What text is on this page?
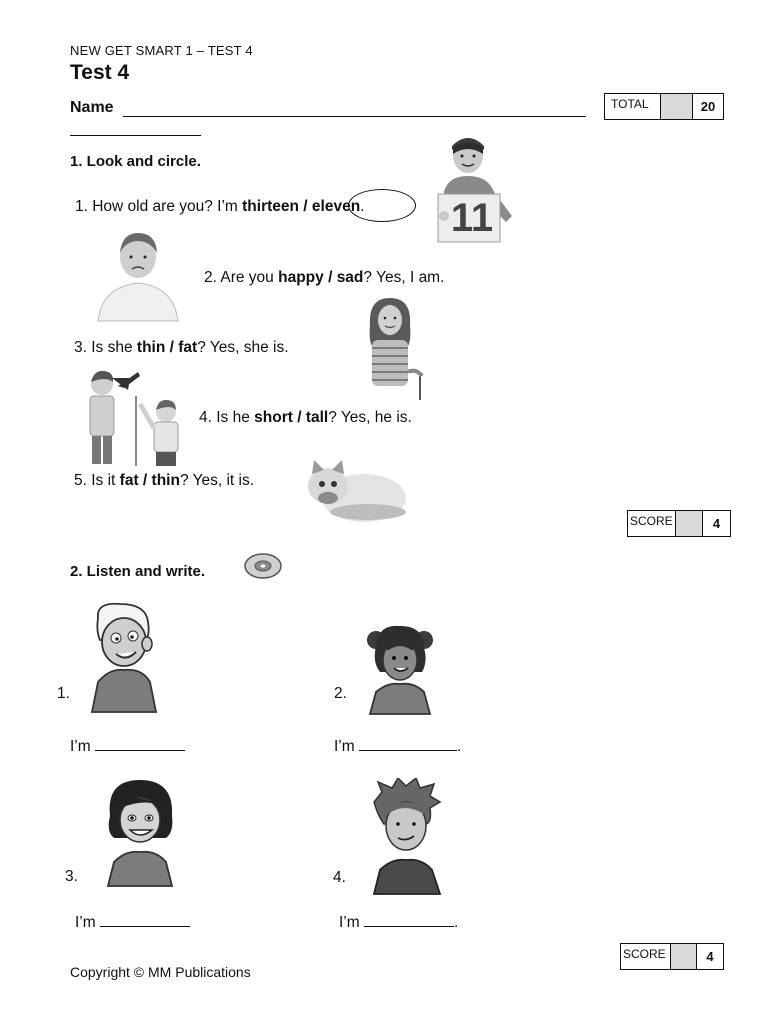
NEW GET SMART 1 – TEST 4
Test 4
Name	TOTAL	20
1. Look and circle.
11
1. How old are you? I’m thirteen / eleven.
2. Are you happy / sad? Yes, I am.
3. Is she thin / fat? Yes, she is.
4. Is he short / tall? Yes, he is.
5. Is it fat / thin? Yes, it is.
SCORE	4
2. Listen and write.
1.
I’m
2.
I’m	.
3.
I’m
4.
I’m	.
SCORE	4
Copyright © MM Publications
